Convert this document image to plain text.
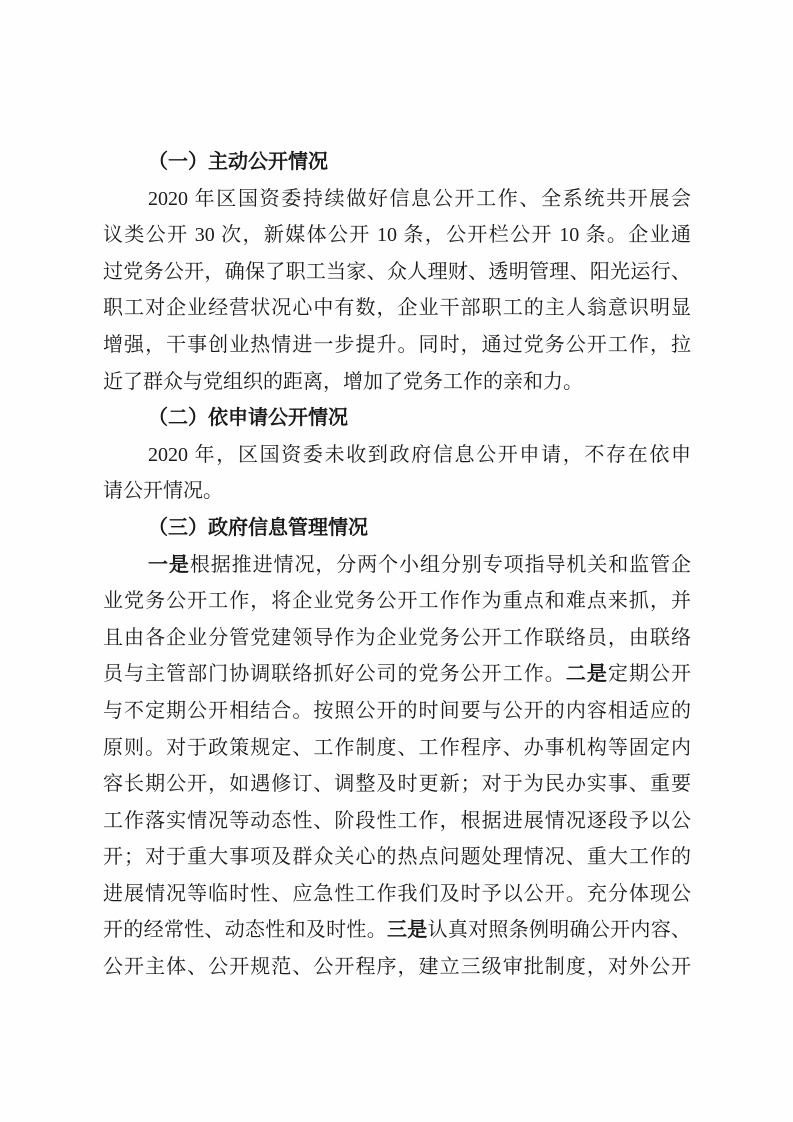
（一）主动公开情况
2020 年区国资委持续做好信息公开工作、全系统共开展会
议类公开 30 次，新媒体公开 10 条，公开栏公开 10 条。企业通
过党务公开，确保了职工当家、众人理财、透明管理、阳光运行、
职工对企业经营状况心中有数，企业干部职工的主人翁意识明显
增强，干事创业热情进一步提升。同时，通过党务公开工作，拉
近了群众与党组织的距离，增加了党务工作的亲和力。
（二）依申请公开情况
2020 年，区国资委未收到政府信息公开申请，不存在依申
请公开情况。
（三）政府信息管理情况
一是根据推进情况，分两个小组分别专项指导机关和监管企
业党务公开工作，将企业党务公开工作作为重点和难点来抓，并
且由各企业分管党建领导作为企业党务公开工作联络员，由联络
员与主管部门协调联络抓好公司的党务公开工作。二是定期公开
与不定期公开相结合。按照公开的时间要与公开的内容相适应的
原则。对于政策规定、工作制度、工作程序、办事机构等固定内
容长期公开，如遇修订、调整及时更新；对于为民办实事、重要
工作落实情况等动态性、阶段性工作，根据进展情况逐段予以公
开；对于重大事项及群众关心的热点问题处理情况、重大工作的
进展情况等临时性、应急性工作我们及时予以公开。充分体现公
开的经常性、动态性和及时性。三是认真对照条例明确公开内容、
公开主体、公开规范、公开程序，建立三级审批制度，对外公开
